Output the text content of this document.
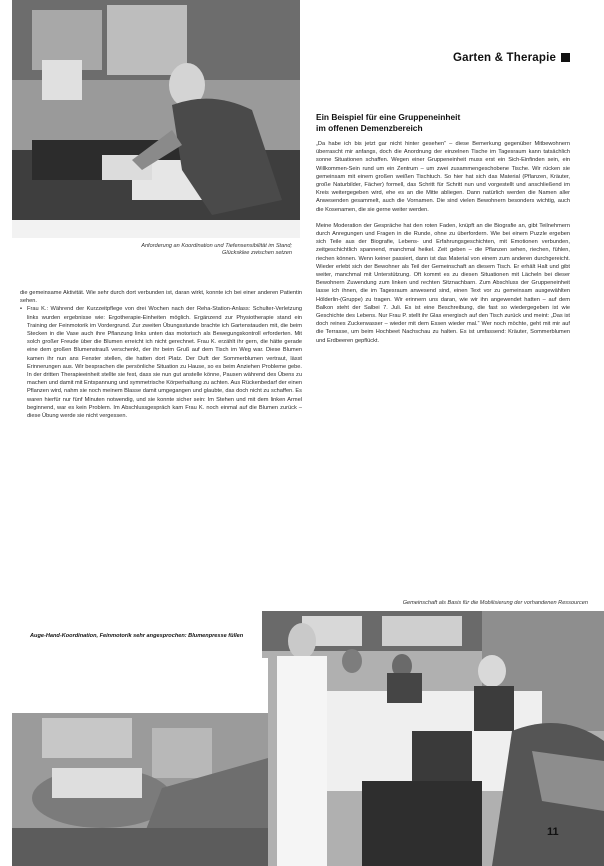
Garten & Therapie
Anforderung an Koordination und Tiefensensibilität im Stand; Glücksklee zwischen setzen
Ein Beispiel für eine Gruppeneinheit im offenen Demenzbereich

„Da habe ich bis jetzt gar nicht hinter gesehen“ – diese Bemerkung gegenüber Mitbewohnern überrascht mir anfangs, doch die Anordnung der einzelnen Tische im Tagesraum kann tatsächlich sonne Situationen schaffen. Wegen einer Gruppeneinheit muss erst ein Sich-Einfinden sein, ein Willkommen-Sein rund um ein Zentrum – um zwei zusammengeschobene Tische. Wir rücken sie gemeinsam mit einem großen weißen Tischtuch. So hier hat sich das Material (Pflanzen, Kräuter, große Naturbilder, Fächer) formell, das Schritt für Schritt nun und vorgestellt und anschließend im Kreis weitergegeben wird, ehe es an die Mitte abliegen. Dann natürlich werden die Namen aller Anwesenden gesammelt, auch die Vornamen. Die sind vielen Bewohnern besonders wichtig, auch die Kosenamen, die sie gerne weiter werden.

Meine Moderation der Gespräche hat den roten Faden, knüpft an die Biografie an, gibt Teilnehmern durch Anregungen und Fragen in die Runde, ohne zu überfordern. Wie bei einem Puzzle ergeben sich Teile aus der Biografie, Lebens- und Erfahrungsgeschichten, mit Emotionen verbunden, zeitgeschichtlich spannend, manchmal heikel. Zeit geben – die Pflanzen sehen, riechen, fühlen, riechen können. Wenn keiner passiert, dann ist das Material von einem zum anderen durchgereicht. Wieder erlebt sich der Bewohner als Teil der Gemeinschaft an diesem Tisch. Er erhält Halt und gibt weiter, manchmal mit Unterstützung. Oft kommt es zu diesen Situationen mit Lächeln bei dieser Bewohnern Zuwendung zum linken und rechten Sitznachbarn. Zum Abschluss der Gruppeneinheit lasse ich ihnen, die im Tagesraum anwesend sind, einen Text vor zu gemeinsam ausgewählten Hölderlin-(Gruppe) zu tragen. Wir erinnern uns daran, wie wir ihn angewendet hatten – auf dem Balkon steht der Salbei 7. Juli. Es ist eine Beschreibung, die fast so wiedergegeben ist wie Geschichte des Lebens. Nur Frau P. stellt ihr Glas energisch auf den Tisch zurück und meint: „Das ist doch reines Zuckerwasser – wieder mit dem Essen wieder mal.“ Wer noch möchte, geht mit mir auf die Terrasse, um beim Hochbeet Nachschau zu halten. Es ist umfassend: Kräuter, Sommerblumen und Erdbeeren gepflückt.

die gemeinsame Aktivität. Wie sehr durch dort verbunden ist, daran wirkt, konnte ich bei einer anderen Patientin sehen.

• Frau K.: Während der Kurzzeitpflege von drei Wochen nach der Reha-Station-Anlass: Schulter-Verletzung links wurden ergebnisse wie: Ergotherapie-Einheiten möglich. Ergänzend zur Physiotherapie stand ein Training der Feinmotorik im Vordergrund. Zur zweiten Übungsstunde brachte ich Gartenstauden mit, die beim Stecken in die Vase auch ihre Pflanzung links unten das motorisch als Bewegungskontroll erforderten. Mit solch großer Freude über die Blumen erreicht ich nicht gerechnet. Frau K. erzählt ihr gern, die hätte gerade eine dem großen Blumenstrauß verschenkt, der ihr beim Gruß auf dem Tisch im Weg war. Diese Blumen kamen ihr nun ans Fenster stellen, die hatten dort Platz. Der Duft der Sommerblumen vertraut, lässt Erinnerungen aus. Wir besprachen die persönliche Situation zu Hause, so es beim Anziehen Probleme gebe. In der dritten Therapieeinheit stellte sie fest, dass sie nun gut anstelle könne, Pausen während des Übens zu machen und damit mit Entspannung und symmetrische Körperhaltung zu achten. Aus Rückenbedarf der einen Pflanzen wird, nahm sie noch meinem Blasse damit umgegangen und glaubte, das doch nicht zu schaffen. Es waren hierfür nur fünf Minuten notwendig, und sie konnte sicher sein: Im Stehen und mit dem linken Armel beginnend, war es kein Problem. Im Abschlussgespräch kam Frau K. noch einmal auf die Blumen zurück – diese Übung werde sie nicht vergessen.
Gemeinschaft als Basis für die Mobilisierung der vorhandenen Ressourcen
Auge-Hand-Koordination, Feinmotorik sehr angesprochen: Blumenpresse füllen
11
